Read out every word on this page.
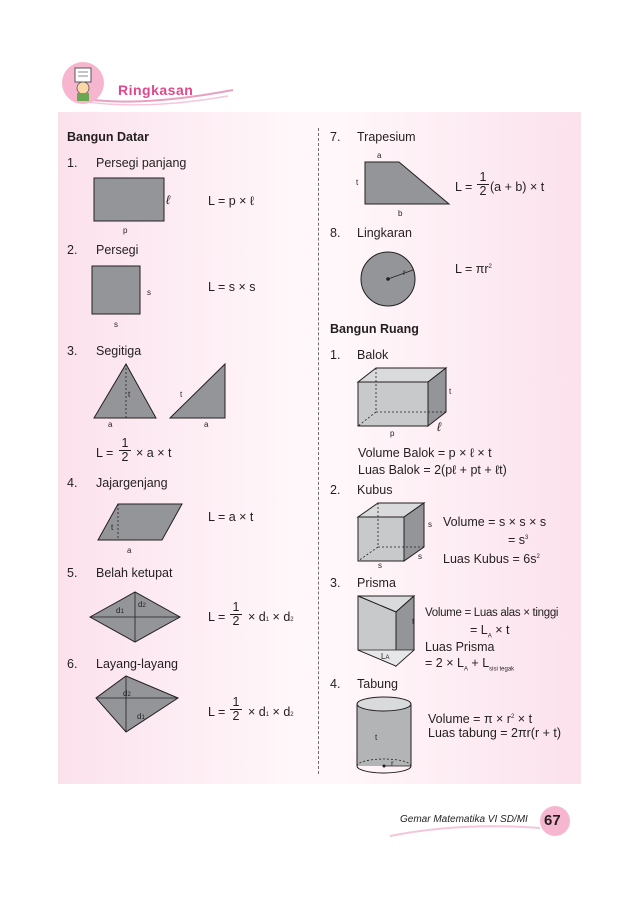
Ringkasan
Bangun Datar
1. Persegi panjang
ℓ
p
L = p × ℓ
2. Persegi
s
s
L = s × s
3. Segitiga
t
a
t
a
$L = \frac{1}{2} \times a \times t$
4. Jajargenjang
t
a
L = a × t
5. Belah ketupat
d1
d2
$L = \frac{1}{2} \times d1 \times d2$
6. Layang-layang
d2
d1	$L = \frac{1}{2} \times d1 \times d2$
7. Trapesium
a
t
b
$L = \frac{1}{2} (a + b) \times t$
8. Lingkaran
r	$L = \pi r^2$
Bangun Ruang
1. Balok
t
p	ℓ
Volume Balok = p × ℓ × t
Luas Balok = 2(pℓ + pt + ℓt)
2. Kubus
s
s
s
Volume = s × s × s
= $s^3$
Luas Kubus = $6s^2$
3. Prisma
t
LA
Volume = Luas alas × tinggi
= $L_A \times t$
Luas Prisma
= $2 \times L_A + L_{sisi tegak}$
4. Tabung
t
r
Volume = $\pi \times r^2 \times t$
Luas tabung = 2πr(r + t)
Gemar Matematika VI SD/MI 67
